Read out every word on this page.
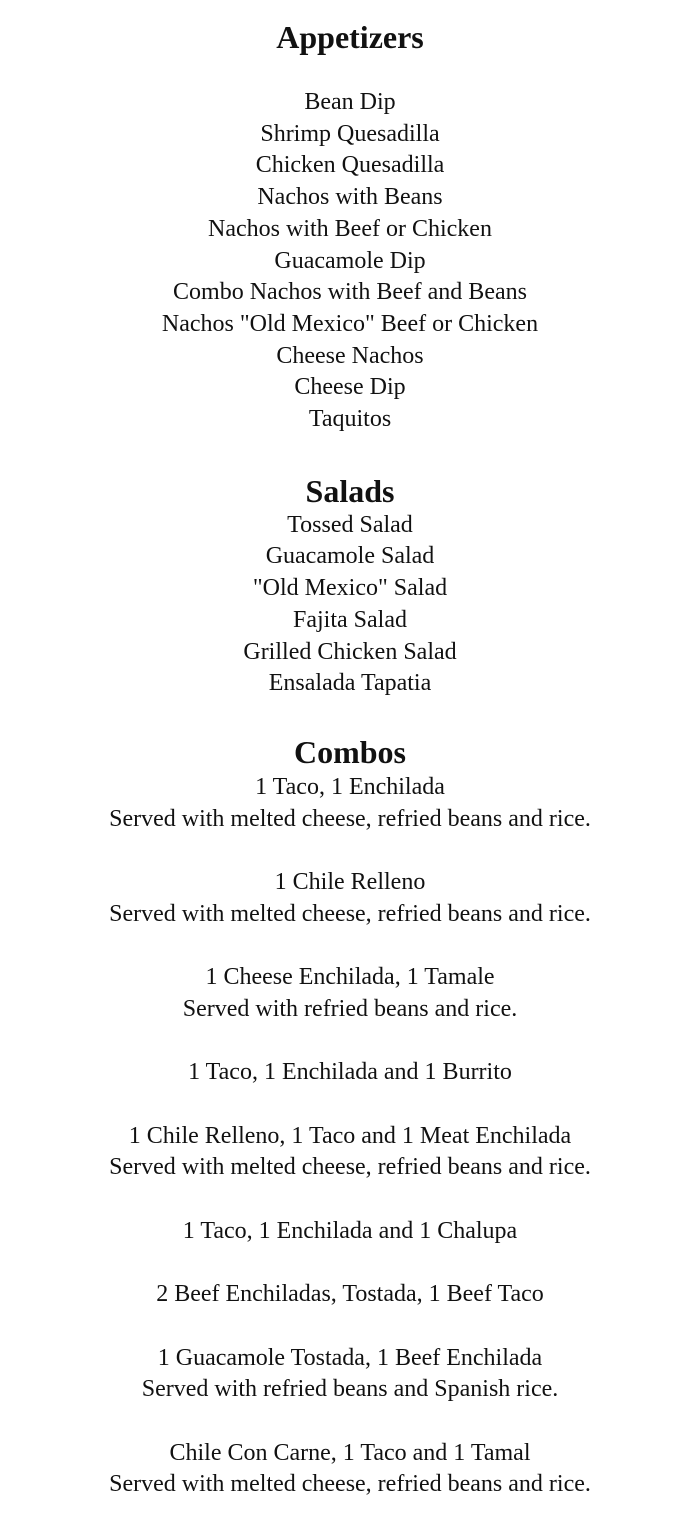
Appetizers
Bean Dip
Shrimp Quesadilla
Chicken Quesadilla
Nachos with Beans
Nachos with Beef or Chicken
Guacamole Dip
Combo Nachos with Beef and Beans
Nachos "Old Mexico" Beef or Chicken
Cheese Nachos
Cheese Dip
Taquitos
Salads
Tossed Salad
Guacamole Salad
"Old Mexico" Salad
Fajita Salad
Grilled Chicken Salad
Ensalada Tapatia
Combos
1 Taco, 1 Enchilada
Served with melted cheese, refried beans and rice.
1 Chile Relleno
Served with melted cheese, refried beans and rice.
1 Cheese Enchilada, 1 Tamale
Served with refried beans and rice.
1 Taco, 1 Enchilada and 1 Burrito
1 Chile Relleno, 1 Taco and 1 Meat Enchilada
Served with melted cheese, refried beans and rice.
1 Taco, 1 Enchilada and 1 Chalupa
2 Beef Enchiladas, Tostada, 1 Beef Taco
1 Guacamole Tostada, 1 Beef Enchilada
Served with refried beans and Spanish rice.
Chile Con Carne, 1 Taco and 1 Tamal
Served with melted cheese, refried beans and rice.
